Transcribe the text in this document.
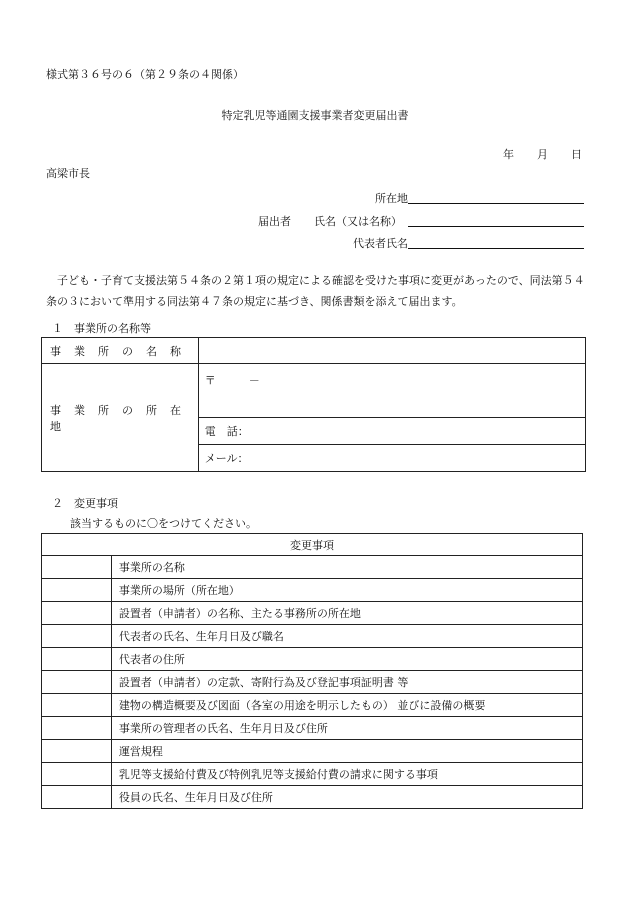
様式第３６号の６（第２９条の４関係）
特定乳児等通園支援事業者変更届出書
年 月 日
高梁市長
所在地
届出者 氏名（又は名称）
代表者氏名
子ども・子育て支援法第５４条の２第１項の規定による確認を受けた事項に変更があったので、同法第５４条の３において準用する同法第４７条の規定に基づき、関係書類を添えて届出ます。
１　事業所の名称等
事業所の名称	
事業所の所在地	〒　　　－
	電　話：
	メール：
２　変更事項
該当するものに〇をつけてください。
変更事項	
	事業所の名称
	事業所の場所（所在地）
	設置者（申請者）の名称、主たる事務所の所在地
	代表者の氏名、生年月日及び職名
	代表者の住所
	設置者（申請者）の定款、寄附行為及び登記事項証明書 等
	建物の構造概要及び図面（各室の用途を明示したもの） 並びに設備の概要
	事業所の管理者の氏名、生年月日及び住所
	運営規程
	乳児等支援給付費及び特例乳児等支援給付費の請求に関する事項
	役員の氏名、生年月日及び住所
